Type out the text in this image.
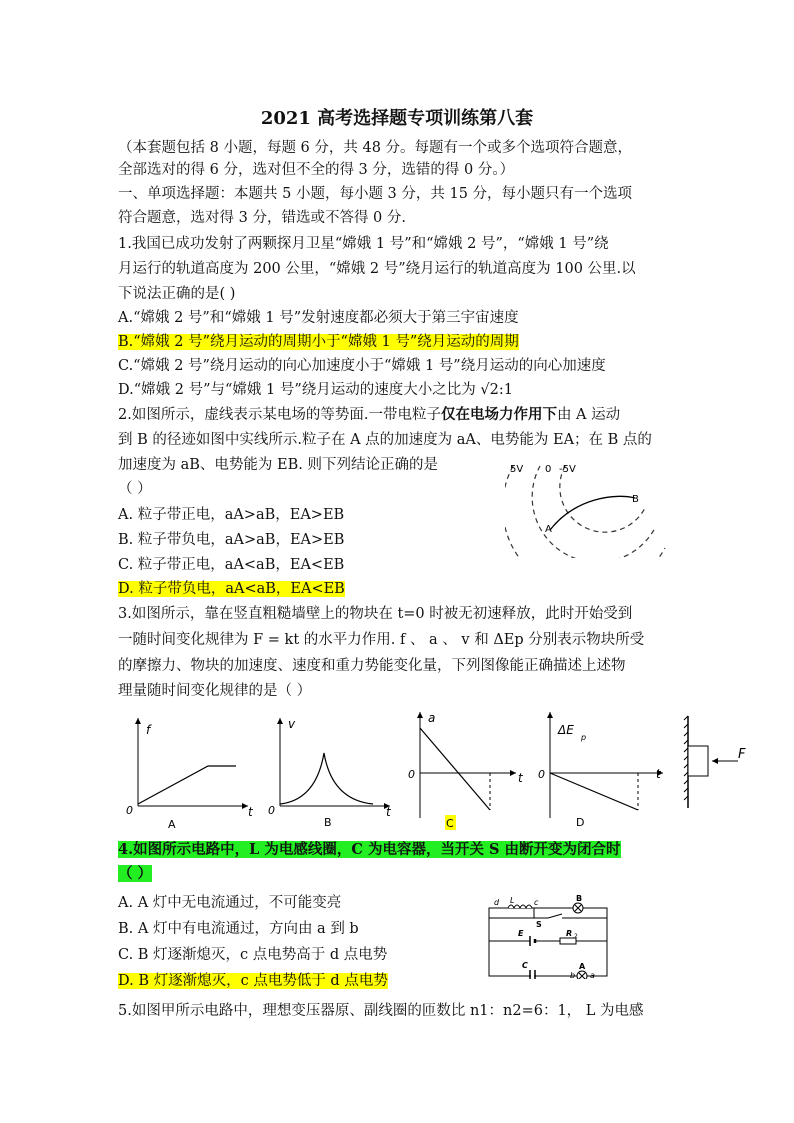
2021 高考选择题专项训练第八套
（本套题包括 8 小题，每题 6 分，共 48 分。每题有一个或多个选项符合题意，
全部选对的得 6 分，选对但不全的得 3 分，选错的得 0 分。）
一、单项选择题：本题共 5 小题，每小题 3 分，共 15 分，每小题只有一个选项
符合题意，选对得 3 分，错选或不答得 0 分.
1.我国已成功发射了两颗探月卫星“嫦娥 1 号”和“嫦娥 2 号”，“嫦娥 1 号”绕
月运行的轨道高度为 200 公里，“嫦娥 2 号”绕月运行的轨道高度为 100 公里.以
下说法正确的是( )
A.“嫦娥 2 号”和“嫦娥 1 号”发射速度都必须大于第三宇宙速度
B.“嫦娥 2 号”绕月运动的周期小于“嫦娥 1 号”绕月运动的周期
C.“嫦娥 2 号”绕月运动的向心加速度小于“嫦娥 1 号”绕月运动的向心加速度
D.“嫦娥 2 号”与“嫦娥 1 号”绕月运动的速度大小之比为 √2:1
2.如图所示，虚线表示某电场的等势面.一带电粒子仅在电场力作用下由 A 运动
到 B 的径迹如图中实线所示.粒子在 A 点的加速度为 aA、电势能为 EA；在 B 点的
加速度为 aB、电势能为 EB. 则下列结论正确的是
（ ）
A. 粒子带正电，aA>aB，EA>EB
B. 粒子带负电，aA>aB，EA>EB
C. 粒子带正电，aA<aB，EA<EB
D. 粒子带负电，aA<aB，EA<EB
5V 0 -5V
A
B
3.如图所示，靠在竖直粗糙墙壁上的物块在 t=0 时被无初速释放，此时开始受到
一随时间变化规律为 F = kt 的水平力作用. f 、 a 、 v 和 ΔEp 分别表示物块所受
的摩擦力、物块的加速度、速度和重力势能变化量，下列图像能正确描述上述物
理量随时间变化规律的是（ ）
f
t
0
A
v
t
0
B
a
t
0
C
ΔE
p
t
0
D
F
4.如图所示电路中，L 为电感线圈，C 为电容器，当开关 S 由断开变为闭合时
（ ）
A. A 灯中无电流通过，不可能变亮
B. A 灯中有电流通过，方向由 a 到 b
C. B 灯逐渐熄灭，c 点电势高于 d 点电势
D. B 灯逐渐熄灭，c 点电势低于 d 点电势
d L c	B
S
E	R 2
C
b a
A
5.如图甲所示电路中，理想变压器原、副线圈的匝数比 n1：n2=6：1， L 为电感
